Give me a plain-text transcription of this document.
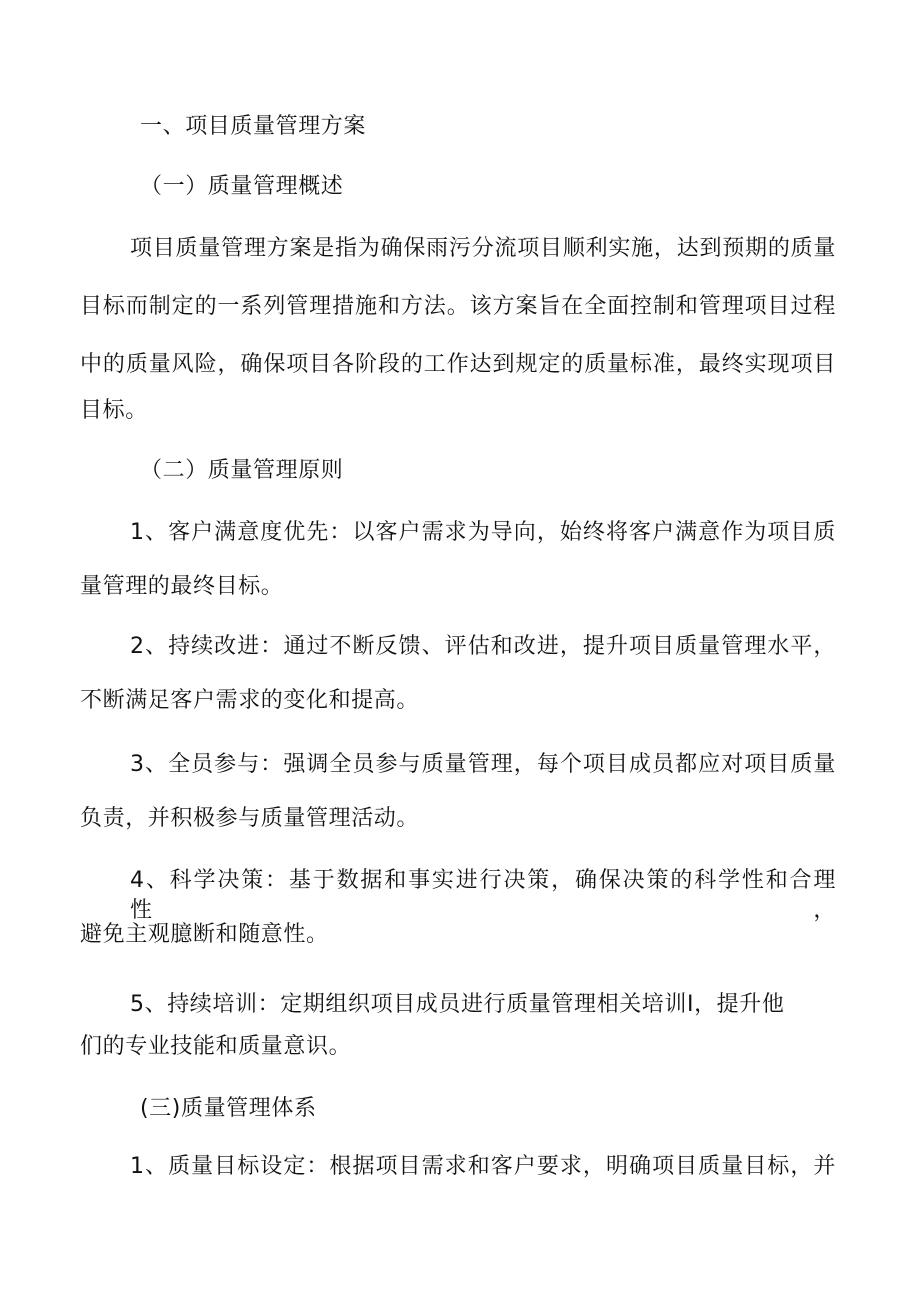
一、项目质量管理方案
（一）质量管理概述
项目质量管理方案是指为确保雨污分流项目顺利实施，达到预期的质量
目标而制定的一系列管理措施和方法。该方案旨在全面控制和管理项目过程
中的质量风险，确保项目各阶段的工作达到规定的质量标准，最终实现项目
目标。
（二）质量管理原则
1、客户满意度优先：以客户需求为导向，始终将客户满意作为项目质
量管理的最终目标。
2、持续改进：通过不断反馈、评估和改进，提升项目质量管理水平，
不断满足客户需求的变化和提高。
3、全员参与：强调全员参与质量管理，每个项目成员都应对项目质量
负责，并积极参与质量管理活动。
4、科学决策：基于数据和事实进行决策，确保决策的科学性和合理性，
避免主观臆断和随意性。
5、持续培训：定期组织项目成员进行质量管理相关培训I，提升他
们的专业技能和质量意识。
(三)质量管理体系
1、质量目标设定：根据项目需求和客户要求，明确项目质量目标，并
